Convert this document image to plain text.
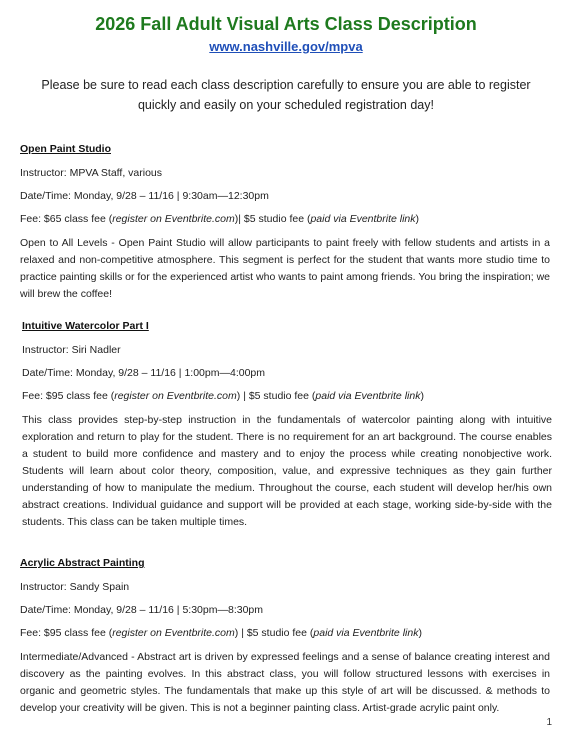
2026 Fall Adult Visual Arts Class Description
www.nashville.gov/mpva
Please be sure to read each class description carefully to ensure you are able to register quickly and easily on your scheduled registration day!
Open Paint Studio
Instructor: MPVA Staff, various
Date/Time: Monday, 9/28 – 11/16 | 9:30am—12:30pm
Fee: $65 class fee (register on Eventbrite.com)| $5 studio fee (paid via Eventbrite link)
Open to All Levels - Open Paint Studio will allow participants to paint freely with fellow students and artists in a relaxed and non-competitive atmosphere. This segment is perfect for the student that wants more studio time to practice painting skills or for the experienced artist who wants to paint among friends. You bring the inspiration; we will brew the coffee!
Intuitive Watercolor Part I
Instructor: Siri Nadler
Date/Time: Monday, 9/28 – 11/16 | 1:00pm—4:00pm
Fee: $95 class fee (register on Eventbrite.com) | $5 studio fee (paid via Eventbrite link)
This class provides step-by-step instruction in the fundamentals of watercolor painting along with intuitive exploration and return to play for the student. There is no requirement for an art background. The course enables a student to build more confidence and mastery and to enjoy the process while creating nonobjective work. Students will learn about color theory, composition, value, and expressive techniques as they gain further understanding of how to manipulate the medium. Throughout the course, each student will develop her/his own abstract creations. Individual guidance and support will be provided at each stage, working side-by-side with the students. This class can be taken multiple times.
Acrylic Abstract Painting
Instructor: Sandy Spain
Date/Time: Monday, 9/28 – 11/16 | 5:30pm—8:30pm
Fee: $95 class fee (register on Eventbrite.com) | $5 studio fee (paid via Eventbrite link)
Intermediate/Advanced - Abstract art is driven by expressed feelings and a sense of balance creating interest and discovery as the painting evolves. In this abstract class, you will follow structured lessons with exercises in organic and geometric styles. The fundamentals that make up this style of art will be discussed. & methods to develop your creativity will be given. This is not a beginner painting class. Artist-grade acrylic paint only.
1
